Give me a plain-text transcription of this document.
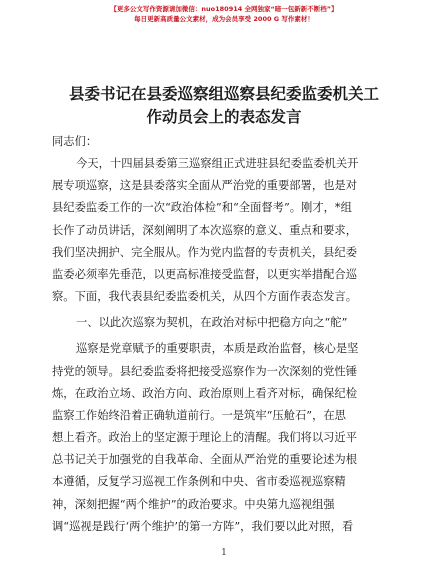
【更多公文写作资源请加微信：nuo180914 全网独家“暗一包新新不断档”】
每日更新高质量公文素材，成为会员享受 2000 G 写作素材！
县委书记在县委巡察组巡察县纪委监委机关工
作动员会上的表态发言
同志们：
今天，十四届县委第三巡察组正式进驻县纪委监委机关开
展专项巡察，这是县委落实全面从严治党的重要部署，也是对
县纪委监委工作的一次“政治体检”和“全面督考”。刚才，*组
长作了动员讲话，深刻阐明了本次巡察的意义、重点和要求，
我们坚决拥护、完全服从。作为党内监督的专责机关，县纪委
监委必须率先垂范，以更高标准接受监督，以更实举措配合巡
察。下面，我代表县纪委监委机关，从四个方面作表态发言。
一、以此次巡察为契机，在政治对标中把稳方向之“舵”
巡察是党章赋予的重要职责，本质是政治监督，核心是坚
持党的领导。县纪委监委将把接受巡察作为一次深刻的党性锤
炼，在政治立场、政治方向、政治原则上看齐对标，确保纪检
监察工作始终沿着正确轨道前行。一是筑牢“压舱石”，在思
想上看齐。政治上的坚定源于理论上的清醒。我们将以习近平
总书记关于加强党的自我革命、全面从严治党的重要论述为根
本遵循，反复学习巡视工作条例和中央、省市委巡视巡察精
神，深刻把握“两个维护”的政治要求。中央第九巡视组强
调“巡视是践行‘两个维护’的第一方阵”，我们要以此对照，看
1
